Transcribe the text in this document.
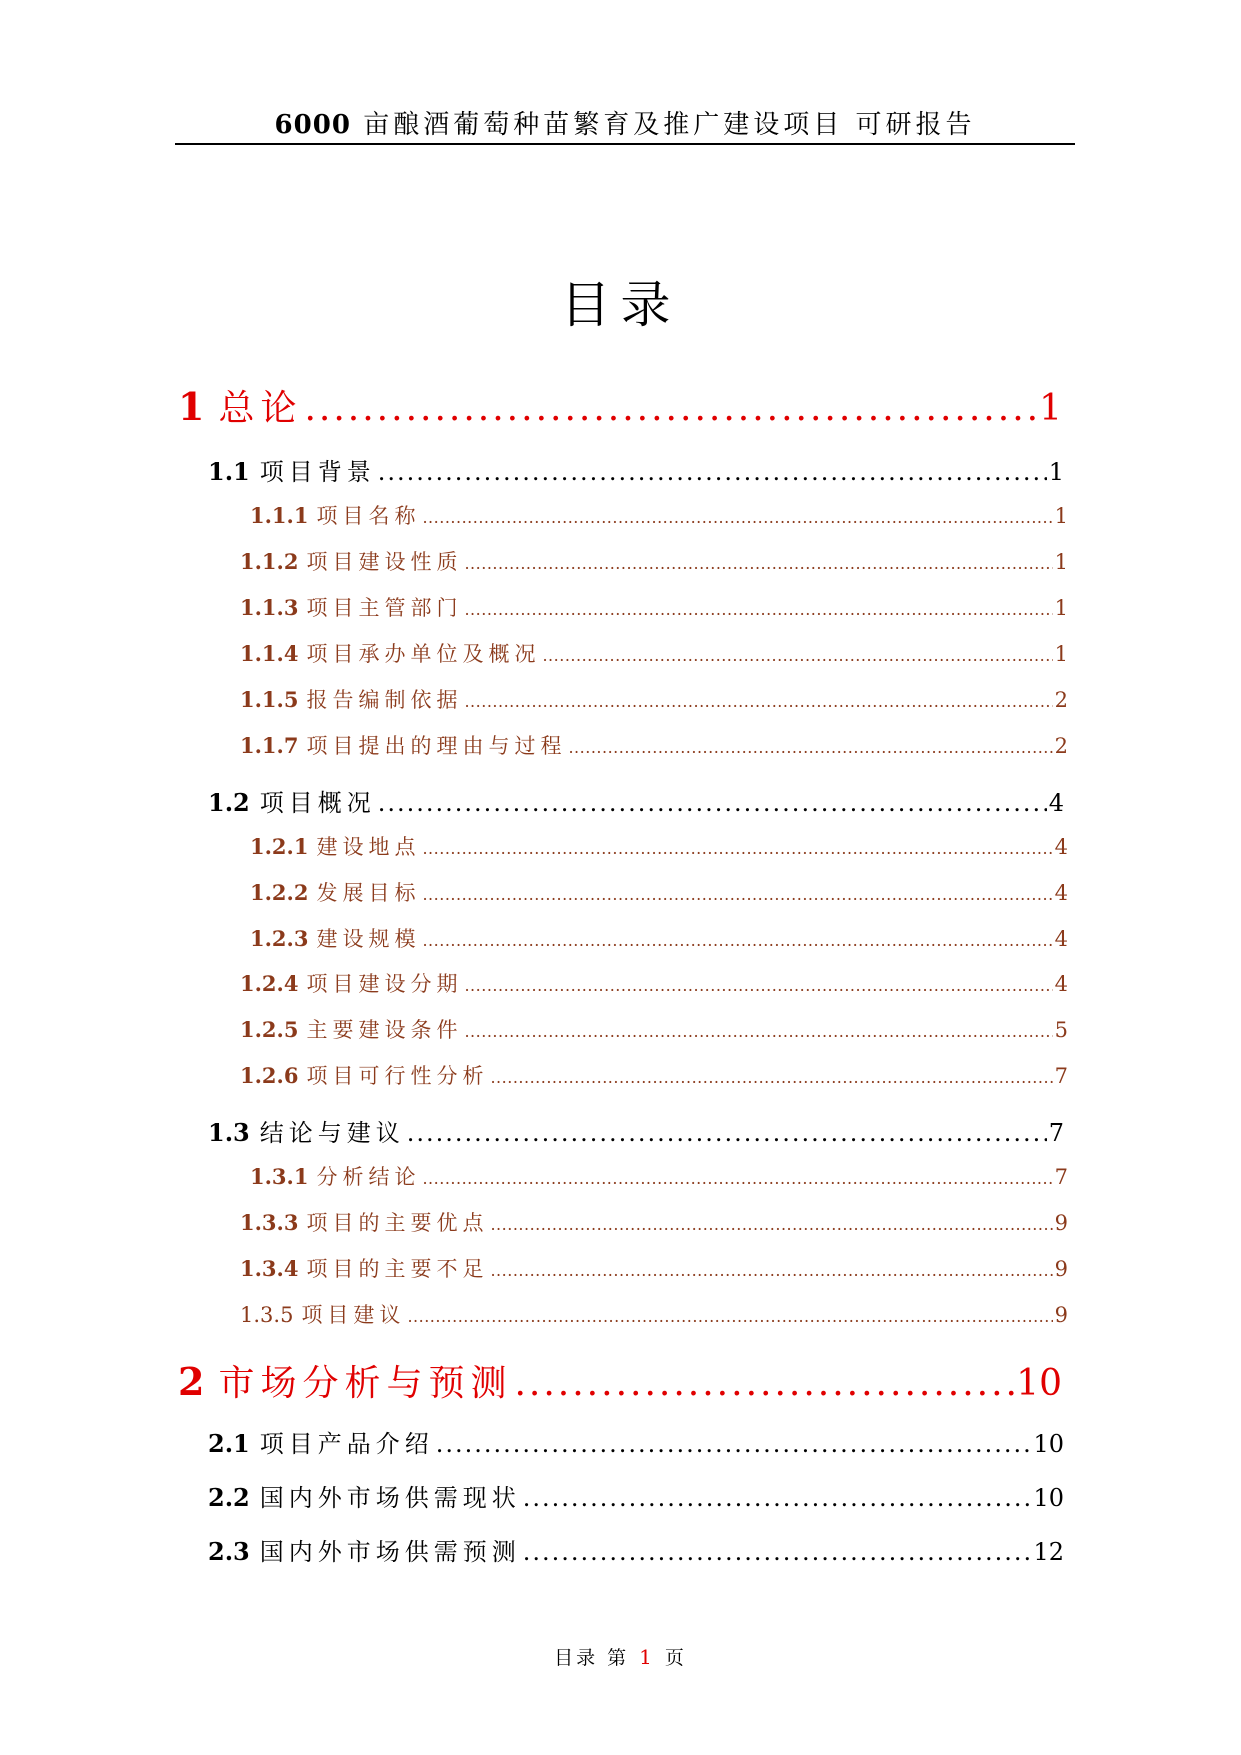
6000 亩酿酒葡萄种苗繁育及推广建设项目 可研报告
目录
1 总论 .....	1
1.1 项目背景 .....	1
1.1.1 项目名称 .....	1
1.1.2 项目建设性质 .....	1
1.1.3 项目主管部门 .....	1
1.1.4 项目承办单位及概况 .....	1
1.1.5 报告编制依据 .....	2
1.1.7 项目提出的理由与过程 .....	2
1.2 项目概况 .....	4
1.2.1 建设地点 .....	4
1.2.2 发展目标 .....	4
1.2.3 建设规模 .....	4
1.2.4 项目建设分期 .....	4
1.2.5 主要建设条件 .....	5
1.2.6 项目可行性分析 .....	7
1.3 结论与建议 .....	7
1.3.1 分析结论 .....	7
1.3.3 项目的主要优点 .....	9
1.3.4 项目的主要不足 .....	9
1.3.5 项目建议 .....	9
2 市场分析与预测 .....	10
2.1 项目产品介绍 .....	10
2.2 国内外市场供需现状 .....	10
2.3 国内外市场供需预测 .....	12
目录 第 1 页
